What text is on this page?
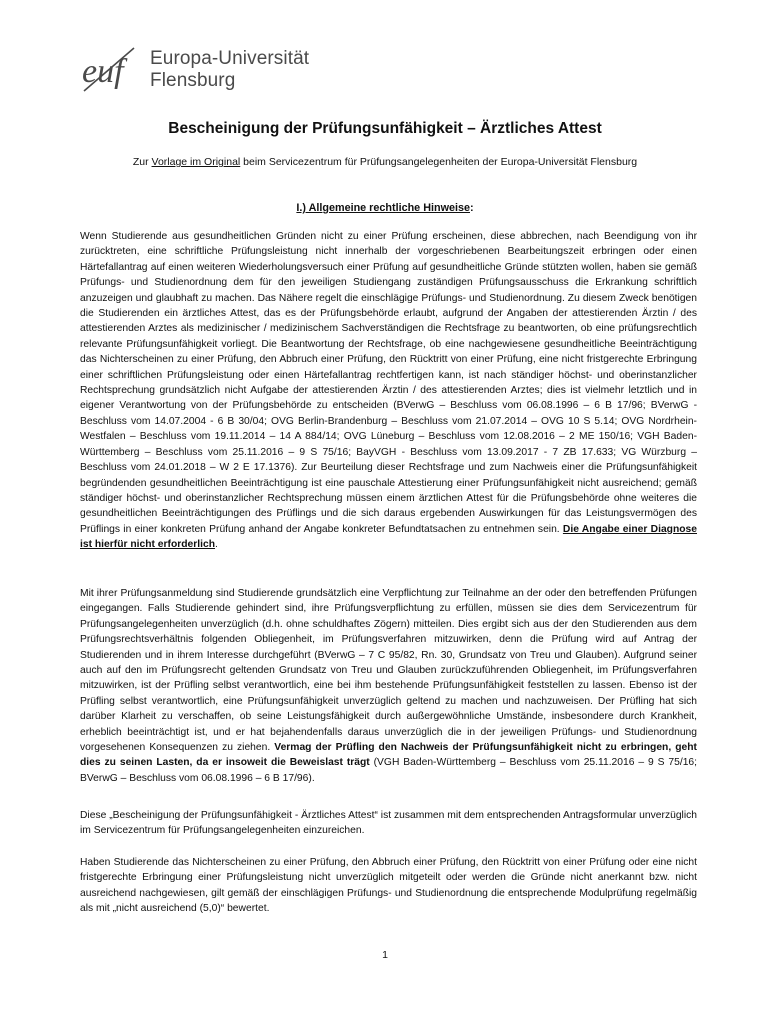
euf Europa-Universität
Flensburg
Bescheinigung der Prüfungsunfähigkeit – Ärztliches Attest
Zur Vorlage im Original beim Servicezentrum für Prüfungsangelegenheiten der Europa-Universität Flensburg
I.) Allgemeine rechtliche Hinweise:

Wenn Studierende aus gesundheitlichen Gründen nicht zu einer Prüfung erscheinen, diese abbrechen, nach Beendigung von ihr zurücktreten, eine schriftliche Prüfungsleistung nicht innerhalb der vorgeschriebenen Bearbeitungszeit erbringen oder einen Härtefallantrag auf einen weiteren Wiederholungsversuch einer Prüfung auf gesundheitliche Gründe stützten wollen, haben sie gemäß Prüfungs- und Studienordnung dem für den jeweiligen Studiengang zuständigen Prüfungsausschuss die Erkrankung schriftlich anzuzeigen und glaubhaft zu machen. Das Nähere regelt die einschlägige Prüfungs- und Studienordnung. Zu diesem Zweck benötigen die Studierenden ein ärztliches Attest, das es der Prüfungsbehörde erlaubt, aufgrund der Angaben der attestierenden Ärztin / des attestierenden Arztes als medizinischer / medizinischem Sachverständigen die Rechtsfrage zu beantworten, ob eine prüfungsrechtlich relevante Prüfungsunfähigkeit vorliegt. Die Beantwortung der Rechtsfrage, ob eine nachgewiesene gesundheitliche Beeinträchtigung das Nichterscheinen zu einer Prüfung, den Abbruch einer Prüfung, den Rücktritt von einer Prüfung, eine nicht fristgerechte Erbringung einer schriftlichen Prüfungsleistung oder einen Härtefallantrag rechtfertigen kann, ist nach ständiger höchst- und oberinstanzlicher Rechtsprechung grundsätzlich nicht Aufgabe der attestierenden Ärztin / des attestierenden Arztes; dies ist vielmehr letztlich und in eigener Verantwortung von der Prüfungsbehörde zu entscheiden (BVerwG – Beschluss vom 06.08.1996 – 6 B 17/96; BVerwG - Beschluss vom 14.07.2004 - 6 B 30/04; OVG Berlin-Brandenburg – Beschluss vom 21.07.2014 – OVG 10 S 5.14; OVG Nordrhein-Westfalen – Beschluss vom 19.11.2014 – 14 A 884/14; OVG Lüneburg – Beschluss vom 12.08.2016 – 2 ME 150/16; VGH Baden-Württemberg – Beschluss vom 25.11.2016 – 9 S 75/16; BayVGH - Beschluss vom 13.09.2017 - 7 ZB 17.633; VG Würzburg – Beschluss vom 24.01.2018 – W 2 E 17.1376). Zur Beurteilung dieser Rechtsfrage und zum Nachweis einer die Prüfungsunfähigkeit begründenden gesundheitlichen Beeinträchtigung ist eine pauschale Attestierung einer Prüfungsunfähigkeit nicht ausreichend; gemäß ständiger höchst- und oberinstanzlicher Rechtsprechung müssen einem ärztlichen Attest für die Prüfungsbehörde ohne weiteres die gesundheitlichen Beeinträchtigungen des Prüflings und die sich daraus ergebenden Auswirkungen für das Leistungsvermögen des Prüflings in einer konkreten Prüfung anhand der Angabe konkreter Befundtatsachen zu entnehmen sein. Die Angabe einer Diagnose ist hierfür nicht erforderlich.

Mit ihrer Prüfungsanmeldung sind Studierende grundsätzlich eine Verpflichtung zur Teilnahme an der oder den betreffenden Prüfungen eingegangen. Falls Studierende gehindert sind, ihre Prüfungsverpflichtung zu erfüllen, müssen sie dies dem Servicezentrum für Prüfungsangelegenheiten unverzüglich (d.h. ohne schuldhaftes Zögern) mitteilen. Dies ergibt sich aus der den Studierenden aus dem Prüfungsrechtsverhältnis folgenden Obliegenheit, im Prüfungsverfahren mitzuwirken, denn die Prüfung wird auf Antrag der Studierenden und in ihrem Interesse durchgeführt (BVerwG – 7 C 95/82, Rn. 30, Grundsatz von Treu und Glauben). Aufgrund seiner auch auf den im Prüfungsrecht geltenden Grundsatz von Treu und Glauben zurückzuführenden Obliegenheit, im Prüfungsverfahren mitzuwirken, ist der Prüfling selbst verantwortlich, eine bei ihm bestehende Prüfungsunfähigkeit feststellen zu lassen. Ebenso ist der Prüfling selbst verantwortlich, eine Prüfungsunfähigkeit unverzüglich geltend zu machen und nachzuweisen. Der Prüfling hat sich darüber Klarheit zu verschaffen, ob seine Leistungsfähigkeit durch außergewöhnliche Umstände, insbesondere durch Krankheit, erheblich beeinträchtigt ist, und er hat bejahendenfalls daraus unverzüglich die in der jeweiligen Prüfungs- und Studienordnung vorgesehenen Konsequenzen zu ziehen. Vermag der Prüfling den Nachweis der Prüfungsunfähigkeit nicht zu erbringen, geht dies zu seinen Lasten, da er insoweit die Beweislast trägt (VGH Baden-Württemberg – Beschluss vom 25.11.2016 – 9 S 75/16; BVerwG – Beschluss vom 06.08.1996 – 6 B 17/96).

Diese „Bescheinigung der Prüfungsunfähigkeit - Ärztliches Attest“ ist zusammen mit dem entsprechenden Antragsformular unverzüglich im Servicezentrum für Prüfungsangelegenheiten einzureichen.

Haben Studierende das Nichterscheinen zu einer Prüfung, den Abbruch einer Prüfung, den Rücktritt von einer Prüfung oder eine nicht fristgerechte Erbringung einer Prüfungsleistung nicht unverzüglich mitgeteilt oder werden die Gründe nicht anerkannt bzw. nicht ausreichend nachgewiesen, gilt gemäß der einschlägigen Prüfungs- und Studienordnung die entsprechende Modulprüfung regelmäßig als mit „nicht ausreichend (5,0)“ bewertet.

1
